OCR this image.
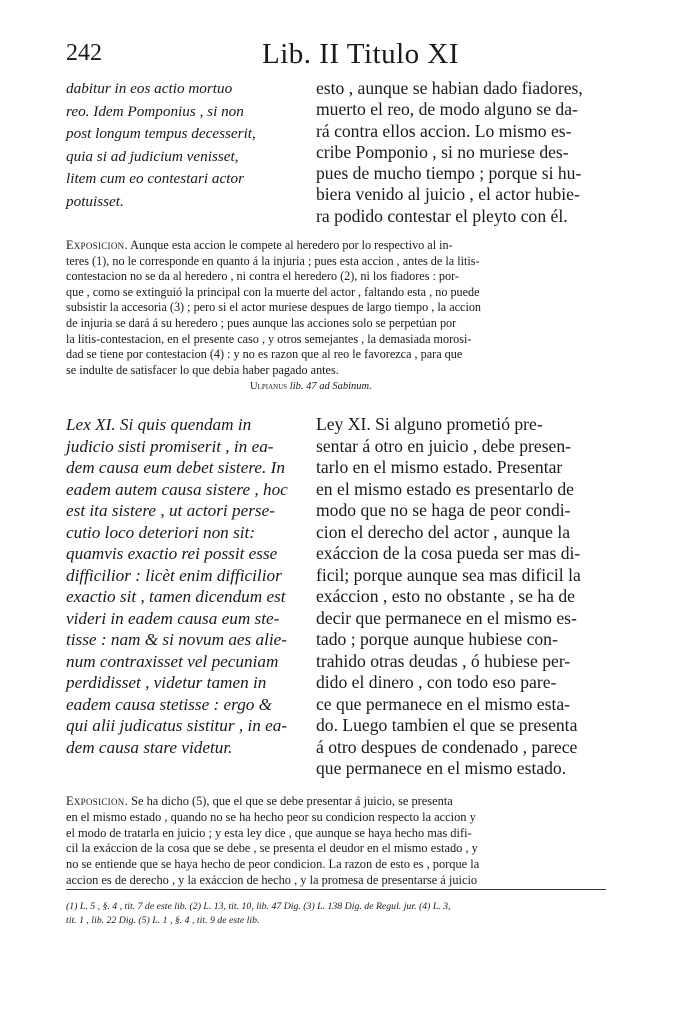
242	Lib. II Titulo XI
dabitur in eos actio mortuo
reo. Idem Pomponius , si non
post longum tempus decesserit,
quia si ad judicium venisset,
litem cum eo contestari actor
potuisset.
esto , aunque se habian dado fiadores,
muerto el reo, de modo alguno se da-
rá contra ellos accion. Lo mismo es-
cribe Pomponio , si no muriese des-
pues de mucho tiempo ; porque si hu-
biera venido al juicio , el actor hubie-
ra podido contestar el pleyto con él.
Exposicion. Aunque esta accion le compete al heredero por lo respectivo al in-
teres (1), no le corresponde en quanto á la injuria ; pues esta accion , antes de la litis-
contestacion no se da al heredero , ni contra el heredero (2), ni los fiadores : por-
que , como se extinguió la principal con la muerte del actor , faltando esta , no puede
subsistir la accesoria (3) ; pero si el actor muriese despues de largo tiempo , la accion
de injuria se dará á su heredero ; pues aunque las acciones solo se perpetúan por
la litis-contestacion, en el presente caso , y otros semejantes , la demasiada morosi-
dad se tiene por contestacion (4) : y no es razon que al reo le favorezca , para que
se indulte de satisfacer lo que debia haber pagado antes.
Ulpianus lib. 47 ad Sabinum.
Lex XI. Si quis quendam in
judicio sisti promiserit , in ea-
dem causa eum debet sistere. In
eadem autem causa sistere , hoc
est ita sistere , ut actori perse-
cutio loco deteriori non sit:
quamvis exactio rei possit esse
difficilior : licèt enim difficilior
exactio sit , tamen dicendum est
videri in eadem causa eum ste-
tisse : nam & si novum aes alie-
num contraxisset vel pecuniam
perdidisset , videtur tamen in
eadem causa stetisse : ergo &
qui alii judicatus sistitur , in ea-
dem causa stare videtur.
Ley XI. Si alguno prometió pre-
sentar á otro en juicio , debe presen-
tarlo en el mismo estado. Presentar
en el mismo estado es presentarlo de
modo que no se haga de peor condi-
cion el derecho del actor , aunque la
exáccion de la cosa pueda ser mas di-
ficil; porque aunque sea mas dificil la
exáccion , esto no obstante , se ha de
decir que permanece en el mismo es-
tado ; porque aunque hubiese con-
trahido otras deudas , ó hubiese per-
dido el dinero , con todo eso pare-
ce que permanece en el mismo esta-
do. Luego tambien el que se presenta
á otro despues de condenado , parece
que permanece en el mismo estado.
Exposicion. Se ha dicho (5), que el que se debe presentar á juicio, se presenta
en el mismo estado , quando no se ha hecho peor su condicion respecto la accion y
el modo de tratarla en juicio ; y esta ley dice , que aunque se haya hecho mas difi-
cil la exáccion de la cosa que se debe , se presenta el deudor en el mismo estado , y
no se entiende que se haya hecho de peor condicion. La razon de esto es , porque la
accion es de derecho , y la exáccion de hecho , y la promesa de presentarse á juicio
(1) L. 5 , §. 4 , tit. 7 de este lib. (2) L. 13, tit. 10, lib. 47 Dig. (3) L. 138 Dig. de Regul. jur. (4) L. 3,
tit. 1 , lib. 22 Dig. (5) L. 1 , §. 4 , tit. 9 de este lib.
